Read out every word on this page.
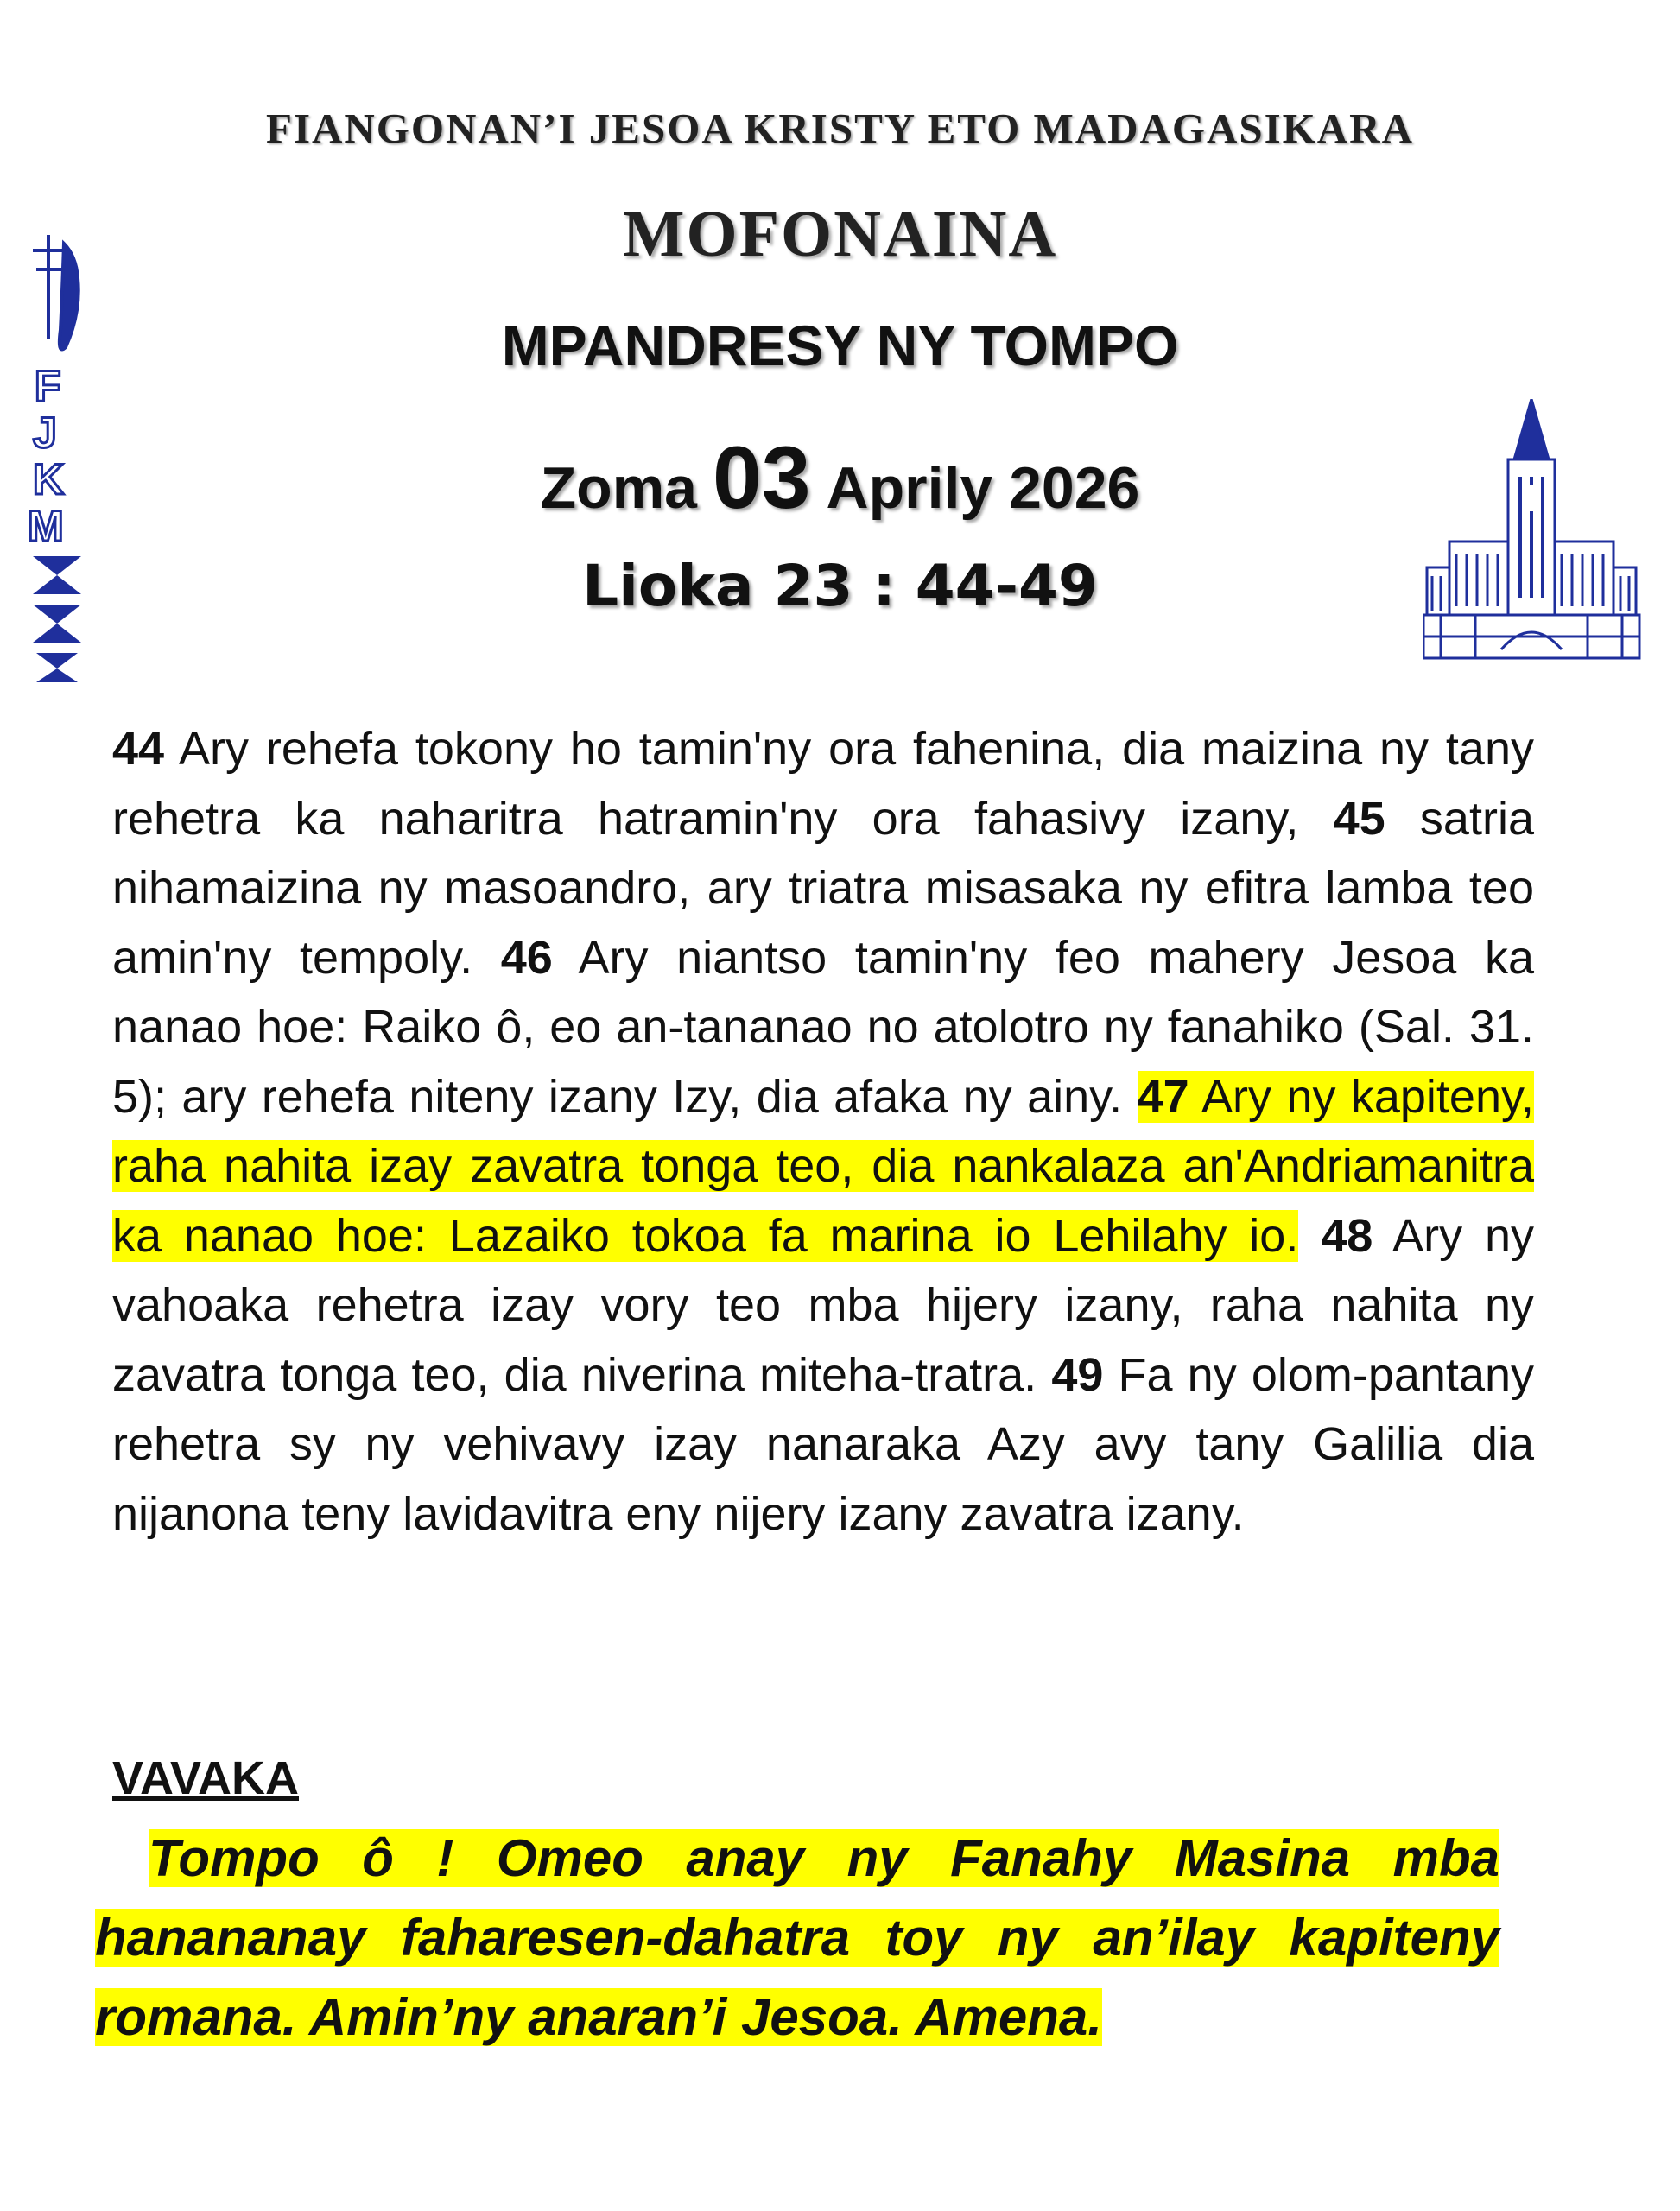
F
J
K
M
FIANGONAN’I JESOA KRISTY ETO MADAGASIKARA
MOFONAINA
MPANDRESY NY TOMPO
Zoma 03 Aprily 2026
Lioka 23 : 44-49
44 Ary rehefa tokony ho tamin'ny ora fahenina, dia maizina ny tany rehetra ka naharitra hatramin'ny ora fahasivy izany, 45 satria nihamaizina ny masoandro, ary triatra misasaka ny efitra lamba teo amin'ny tempoly. 46 Ary niantso tamin'ny feo mahery Jesoa ka nanao hoe: Raiko ô, eo an-tananao no atolotro ny fanahiko (Sal. 31. 5); ary rehefa niteny izany Izy, dia afaka ny ainy. 47 Ary ny kapiteny, raha nahita izay zavatra tonga teo, dia nankalaza an'Andriamanitra ka nanao hoe: Lazaiko tokoa fa marina io Lehilahy io. 48 Ary ny vahoaka rehetra izay vory teo mba hijery izany, raha nahita ny zavatra tonga teo, dia niverina miteha-tratra. 49 Fa ny olom-pantany rehetra sy ny vehivavy izay nanaraka Azy avy tany Galilia dia nijanona teny lavidavitra eny nijery izany zavatra izany.
VAVAKA
Tompo ô ! Omeo anay ny Fanahy Masina mba hanananay faharesen-dahatra toy ny an’ilay kapiteny romana. Amin’ny anaran’i Jesoa. Amena.
